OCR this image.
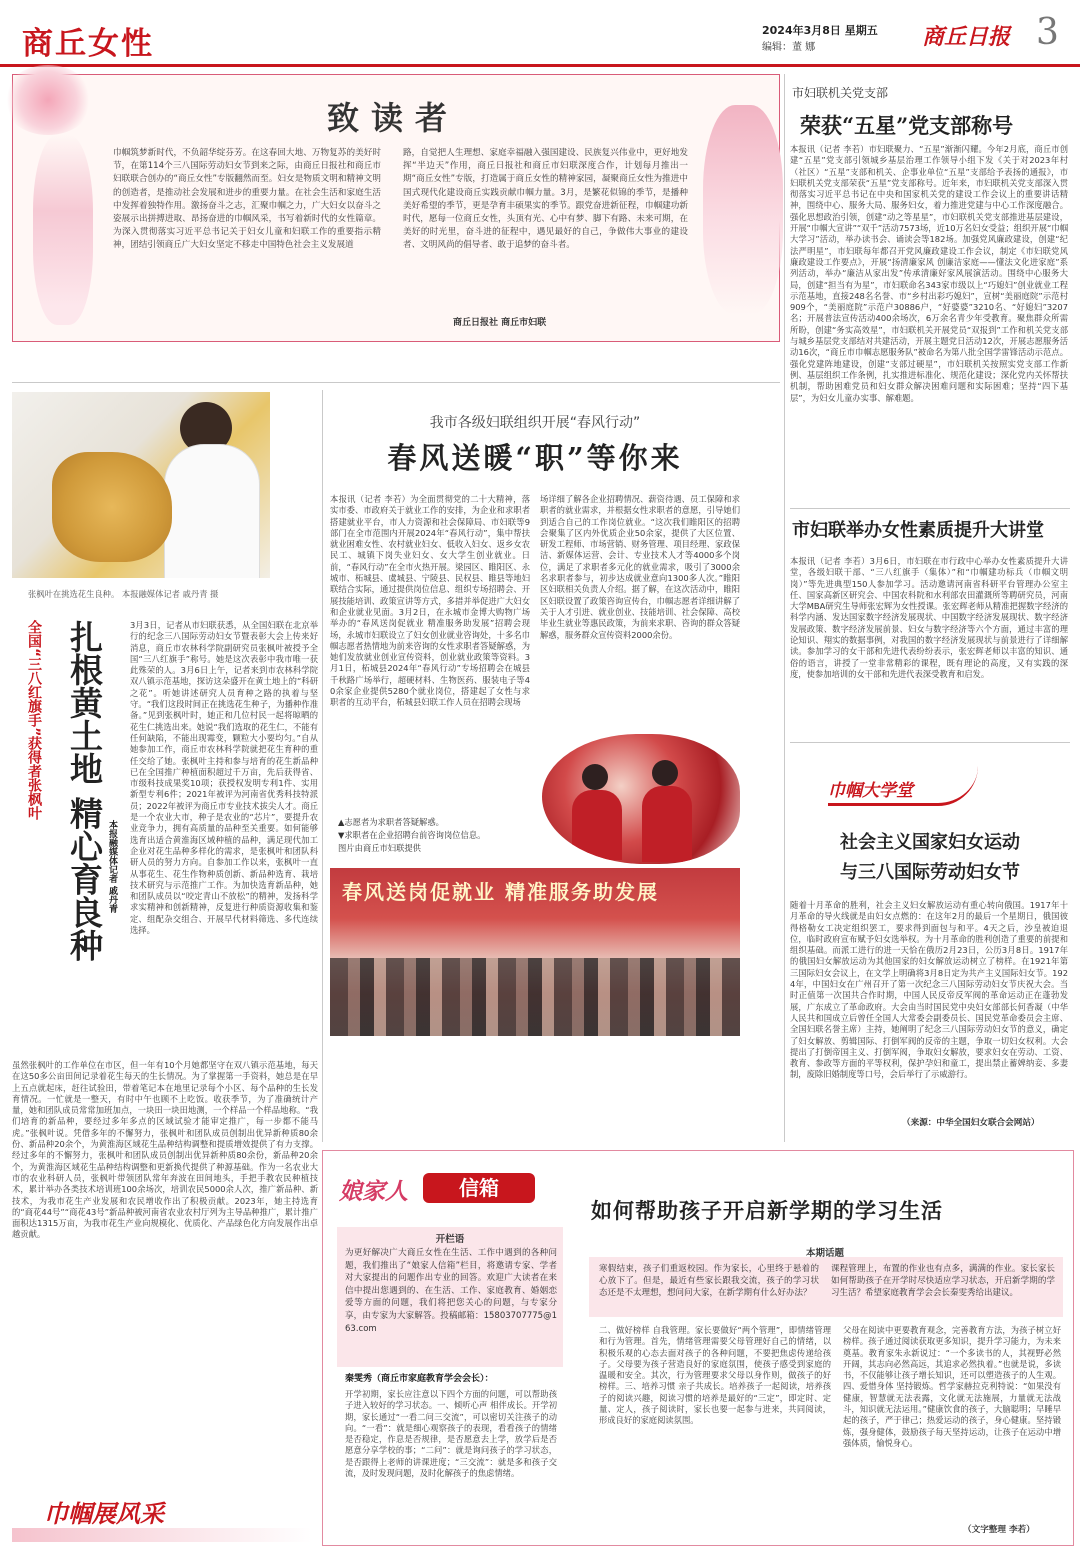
商丘女性	2024年3月8日 星期五
编辑：董 娜	商丘日报 3
致读者
巾帼筑梦新时代，不负韶华绽芬芳。在这春回大地、万物复苏的美好时节，在第114个三八国际劳动妇女节到来之际，由商丘日报社和商丘市妇联联合创办的“商丘女性”专版翻然而至。妇女是物质文明和精神文明的创造者，是推动社会发展和进步的重要力量。在社会生活和家庭生活中发挥着独特作用。激扬奋斗之志，汇聚巾帼之力，广大妇女以奋斗之姿展示出拼搏进取、昂扬奋进的巾帼风采，书写着新时代的女性篇章。为深入贯彻落实习近平总书记关于妇女儿童和妇联工作的重要指示精神，团结引领商丘广大妇女坚定不移走中国特色社会主义发展道
路，自觉把人生理想、家庭幸福融入强国建设、民族复兴伟业中，更好地发挥“半边天”作用，商丘日报社和商丘市妇联深度合作，计划每月推出一期“商丘女性”专版，打造属于商丘女性的精神家园，凝聚商丘女性为推进中国式现代化建设商丘实践贡献巾帼力量。3月，是繁花似锦的季节，是播种美好希望的季节，更是孕育丰硕果实的季节。跟党奋进新征程，巾帼建功新时代，愿每一位商丘女性，头顶有光、心中有梦、脚下有路、未来可期，在美好的时光里，奋斗进的征程中，遇见最好的自己，争做伟大事业的建设者、文明风尚的倡导者、敢于追梦的奋斗者。
商丘日报社 商丘市妇联
市妇联机关党支部
荣获“五星”党支部称号
本报讯（记者 李若）市妇联聚力、“五星”渐渐闪耀。今年2月底，商丘市创建“五星”党支部引领城乡基层治理工作领导小组下发《关于对2023年村（社区）“五星”支部和机关、企事业单位“五星”支部给予表扬的通报》，市妇联机关党支部荣获“五星”党支部称号。近年来，市妇联机关党支部深入贯彻落实习近平总书记在中央和国家机关党的建设工作会议上的重要讲话精神，围绕中心、服务大局、服务妇女，着力推进党建与中心工作深度融合。强化思想政治引领，创建“动之等星星”，市妇联机关党支部推进基层建设，开展“巾帼大宣讲”“双千”活动7573场，近10万名妇女受益；组织开展“巾帼大学习”活动，举办读书会、诵读会等182场。加强党风廉政建设，创建“纪法严明星”，市妇联每年都召开党风廉政建设工作会议，制定《市妇联党风廉政建设工作要点》，开展“扬清廉家风 创廉洁家庭——懂法文化进家庭”系列活动，举办“廉洁从家出发”传承清廉好家风展演活动。围绕中心服务大局，创建“担当有为星”，市妇联命名343家市级以上“巧媳妇”创业就业工程示范基地，直接248名名誉、市“乡村出彩巧媳妇”，宣树“美丽庭院”示范村909个，“美丽庭院”示范户30886户，“好婆婆”3210名、“好媳妇”3207名；开展普法宣传活动400余场次，6万余名青少年受教育。聚焦群众所需所盼，创建“务实高效星”，市妇联机关开展党员“双报到”工作和机关党支部与城乡基层党支部结对共建活动，开展主题党日活动12次，开展志愿服务活动16次，“商丘市巾帼志愿服务队”被命名为第八批全国学雷锋活动示范点。强化党建阵地建设，创建“支部过硬星”，市妇联机关按照实党支部工作新例、基层组织工作条例，扎实推进标准化、规范化建设；深化党内关怀帮扶机制，帮助困难党员和妇女群众解决困难问题和实际困难；坚持“四下基层”，为妇女儿童办实事、解难题。
张枫叶在挑选花生良种。 本报融媒体记者 戚丹青 摄
全国“三八红旗手”获得者张枫叶 扎根黄土地 精心育良种 本报融媒体记者 戚丹青
3月3日，记者从市妇联获悉，从全国妇联在北京举行的纪念三八国际劳动妇女节暨表彰大会上传来好消息，商丘市农林科学院副研究员张枫叶被授予全国“三八红旗手”称号。她是这次表彰中我市唯一获此殊荣的人。3月6日上午，记者来到市农林科学院双八镇示范基地，探访这朵盛开在黄土地上的“科研之花”。听她讲述研究人员育种之路的执着与坚守。“我们这段时间正在挑选花生种子，为播种作准备。”见到张枫叶时，她正和几位村民一起将晾晒的花生仁挑选出来。她说“我们选取的花生仁，不能有任何缺陷，不能出现霉变，颗粒大小要均匀。”自从她参加工作，商丘市农林科学院就把花生育种的重任交给了她。张枫叶主持和参与培育的花生新品种已在全国推广种植面积超过千万亩，先后获得省、市级科技成果奖10项；获授权发明专利1件、实用新型专利6件；2021年被评为河南省优秀科技特派员；2022年被评为商丘市专业技术拔尖人才。商丘是一个农业大市，种子是农业的“芯片”，要提升农业竞争力，拥有高质量的品种至关重要。如何能够选育出适合黄淮海区域种植的品种，满足现代加工企业对花生品种多样化的需求，是张枫叶和团队科研人员的努力方向。自参加工作以来，张枫叶一直从事花生、花生作物种质创新、新品种选育、栽培技术研究与示范推广工作。为加快选育新品种，她和团队成员以“咬定青山不放松”的精神，发扬科学求实精神和创新精神，反复进行种质资源收集和鉴定、组配杂交组合、开展早代材料筛选、多代连续选择。
虽然张枫叶的工作单位在市区，但一年有10个月她都坚守在双八镇示范基地，每天在这50多公亩田间记录着花生每天的生长情况。为了掌握第一手资料，她总是在早上五点就起床，赶往试验田，带着笔记本在地里记录每个小区、每个品种的生长发育情况。一忙就是一整天，有时中午也顾不上吃饭。收获季节，为了准确统计产量，她和团队成员常常加班加点，一块田一块田地测，一个样品一个样品地称。“我们培育的新品种，要经过多年多点的区域试验才能审定推广，每一步都不能马虎。”张枫叶说。凭借多年的不懈努力，张枫叶和团队成员创制出优异新种质80余份、新品种20余个，为黄淮海区域花生品种结构调整和提质增效提供了有力支撑。经过多年的不懈努力，张枫叶和团队成员创制出优异新种质80余份，新品种20余个，为黄淮海区域花生品种结构调整和更新换代提供了种源基础。作为一名农业大市的农业科研人员，张枫叶带领团队常年奔波在田间地头，手把手教农民种植技术，累计举办各类技术培训班100余场次，培训农民5000余人次，推广新品种、新技术，为我市花生产业发展和农民增收作出了积极贡献。2023年，她主持选育的“商花44号”“商花43号”新品种被河南省农业农村厅列为主导品种推广，累计推广面积达1315万亩，为我市花生产业向规模化、优质化、产品绿色化方向发展作出卓越贡献。
我市各级妇联组织开展“春风行动”
春风送暖“职”等你来
本报讯（记者 李若）为全面贯彻党的二十大精神，落实市委、市政府关于就业工作的安排，为企业和求职者搭建就业平台，市人力资源和社会保障局、市妇联等9部门在全市范围内开展2024年“春风行动”，集中帮扶就业困难女性、农村就业妇女、低收入妇女、返乡女农民工、城镇下岗失业妇女、女大学生创业就业。日前，“春风行动”在全市火热开展。梁园区、睢阳区、永城市、柘城县、虞城县、宁陵县、民权县、睢县等地妇联结合实际，通过提供岗位信息、组织专场招聘会、开展技能培训、政策宣讲等方式，多措并举促进广大妇女和企业就业见面。3月2日，在永城市金博大购物广场举办的“春风送岗促就业 精准服务助发展”招聘会现场，永城市妇联设立了妇女创业就业咨询处，十多名巾帼志愿者热情地为前来咨询的女性求职者答疑解惑，为她们发放就业创业宣传资料，创业就业政策等资料。3月1日，柘城县2024年“春风行动”专场招聘会在城县千秋路广场举行，超硬材料、生物医药、服装电子等40余家企业提供5280个就业岗位，搭建起了女性与求职者的互动平台，柘城县妇联工作人员在招聘会现场
场详细了解各企业招聘情况、薪资待遇、员工保障和求职者的就业需求，并根据女性求职者的意愿，引导她们到适合自己的工作岗位就业。“这次我们睢阳区的招聘会聚集了区内外优质企业50余家，提供了大区位置、研发工程师、市场营销、财务管理、项目经理、家政保洁、新媒体运营、会计、专业技术人才等4000多个岗位，满足了求职者多元化的就业需求，吸引了3000余名求职者参与，初步达成就业意向1300多人次。”睢阳区妇联相关负责人介绍。据了解，在这次活动中，睢阳区妇联设置了政策咨询宣传台，巾帼志愿者详细讲解了关于人才引进、就业创业、技能培训、社会保障、高校毕业生就业等惠民政策，为前来求职、咨询的群众答疑解惑，服务群众宣传资料2000余份。
▲志愿者为求职者答疑解惑。
▼求职者在企业招聘台前咨询岗位信息。
图片由商丘市妇联提供
春风送岗促就业 精准服务助发展
市妇联举办女性素质提升大讲堂
本报讯（记者 李若）3月6日，市妇联在市行政中心举办女性素质提升大讲堂，各级妇联干部、“三八红旗手（集体）”和“巾帼建功标兵（巾帼文明岗）”等先进典型150人参加学习。活动邀请河南省科研平台管理办公室主任、国家高新区研究会、中国农科院和水利部农田灌溉所等聘研究员，河南大学MBA研究生导师张宏辉为女性授课。张宏辉老师从精准把握数字经济的科学内涵、发达国家数字经济发展现状、中国数字经济发展现状、数字经济发展政策、数字经济发展前景、妇女与数字经济等六个方面，通过丰富的理论知识、翔实的数据事例，对我国的数字经济发展现状与前景进行了详细解读。参加学习的女干部和先进代表纷纷表示，张宏辉老师以丰富的知识、通俗的语言，讲授了一堂非常精彩的课程，既有理论的高度，又有实践的深度，使参加培训的女干部和先进代表深受教育和启发。
巾帼大学堂
社会主义国家妇女运动
与三八国际劳动妇女节
随着十月革命的胜利，社会主义妇女解放运动有重心转向俄国。1917年十月革命的导火线就是由妇女点燃的：在这年2月的最后一个星期日，俄国彼得格勒女工决定组织罢工，要求得到面包与和平。4天之后，沙皇被迫退位，临时政府宣布赋予妇女选举权。为十月革命的胜利创造了重要的前提和组织基础。而派工进行的进一天恰在俄历2月23日，公历3月8日。1917年的俄国妇女解放运动为其他国家的妇女解放运动树立了榜样。在1921年第三国际妇女会议上，在文学上明确将3月8日定为共产主义国际妇女节。1924年，中国妇女在广州召开了第一次纪念三八国际劳动妇女节庆祝大会。当时正值第一次国共合作时期，中国人民反帝反军阀的革命运动正在蓬勃发展，广东成立了革命政府。大会由当时国民党中央妇女部部长何香凝（中华人民共和国成立后曾任全国人大常委会副委员长、国民党革命委员会主席、全国妇联名誉主席）主持，她阐明了纪念三八国际劳动妇女节的意义，确定了妇女解放、剪辑国际、打倒军阀的反帝的主题，争取一切妇女权利。大会提出了打倒帝国主义、打倒军阀，争取妇女解放，要求妇女在劳动、工资、教育、参政等方面的平等权利，保护孕妇和童工，提出禁止蓄婢纳妾、多妻制，废除旧婚制度等口号，会后举行了示威游行。
（来源：中华全国妇女联合会网站）
娘家人	信箱
开栏语
为更好解决广大商丘女性在生活、工作中遇到的各种问题，我们推出了“娘家人信箱”栏目，将邀请专家、学者对大家提出的问题作出专业的回答。欢迎广大读者在来信中提出您遇到的、在生活、工作、家庭教育、婚姻恋爱等方面的问题，我们将把您关心的问题，与专家分享，由专家为大家解答。投稿邮箱：15803707775@163.com
如何帮助孩子开启新学期的学习生活
本期话题
寒假结束，孩子们重返校园。作为家长，心里终于悬着的心放下了。但是，最近有些家长跟我交流，孩子的学习状态还是不太理想，想问问大家，在新学期有什么好办法？
课程管理上，布置的作业也有点多，满满的作业。家长家长如何帮助孩子在开学时尽快适应学习状态，开启新学期的学习生活？希望家庭教育学会会长秦雯秀给出建议。
秦雯秀（商丘市家庭教育学会会长）：
开学初期，家长应注意以下四个方面的问题，可以帮助孩子进入较好的学习状态。一、倾听心声 相伴成长。开学初期，家长通过“一看二问三交流”，可以密切关注孩子的动向。“一看”：就是细心观察孩子的表现，看看孩子的情绪是否稳定，作息是否规律，是否愿意去上学，放学后是否愿意分享学校的事；“二问”：就是询问孩子的学习状态，是否跟得上老师的讲课进度；“三交流”：就是多和孩子交流，及时发现问题，及时化解孩子的焦虑情绪。
二、做好榜样 自我管理。家长要做好“两个管理”，即情绪管理和行为管理。首先，情绪管理需要父母管理好自己的情绪，以积极乐观的心态去面对孩子的各种问题，不要把焦虑传递给孩子。父母要为孩子营造良好的家庭氛围，使孩子感受到家庭的温暖和安全。其次，行为管理要求父母以身作则，做孩子的好榜样。三、培养习惯 亲子共成长。培养孩子一起阅读，培养孩子的阅读兴趣，阅读习惯的培养是最好的“三定”，即定时、定量、定人，孩子阅读时，家长也要一起参与进来，共同阅读，形成良好的家庭阅读氛围。
父母在阅读中更要教育观念，完善教育方法，为孩子树立好榜样。孩子通过阅读获取更多知识，提升学习能力，为未来奠基。教育家朱永新说过：“一个多读书的人，其视野必然开阔，其志向必然高远，其追求必然执着。”也就是说，多读书，不仅能够让孩子增长知识，还可以塑造孩子的人生观。四、爱惜身体 坚持锻炼。哲学家赫拉克利特说：“如果没有健康，智慧就无法表露，文化就无法施展，力量就无法战斗，知识就无法运用。”健康饮食的孩子，大脑聪明；早睡早起的孩子，严于律己；热爱运动的孩子，身心健康。坚持锻炼，强身健体，鼓励孩子每天坚持运动，让孩子在运动中增强体质，愉悦身心。
（文字整理 李若）
巾帼展风采
